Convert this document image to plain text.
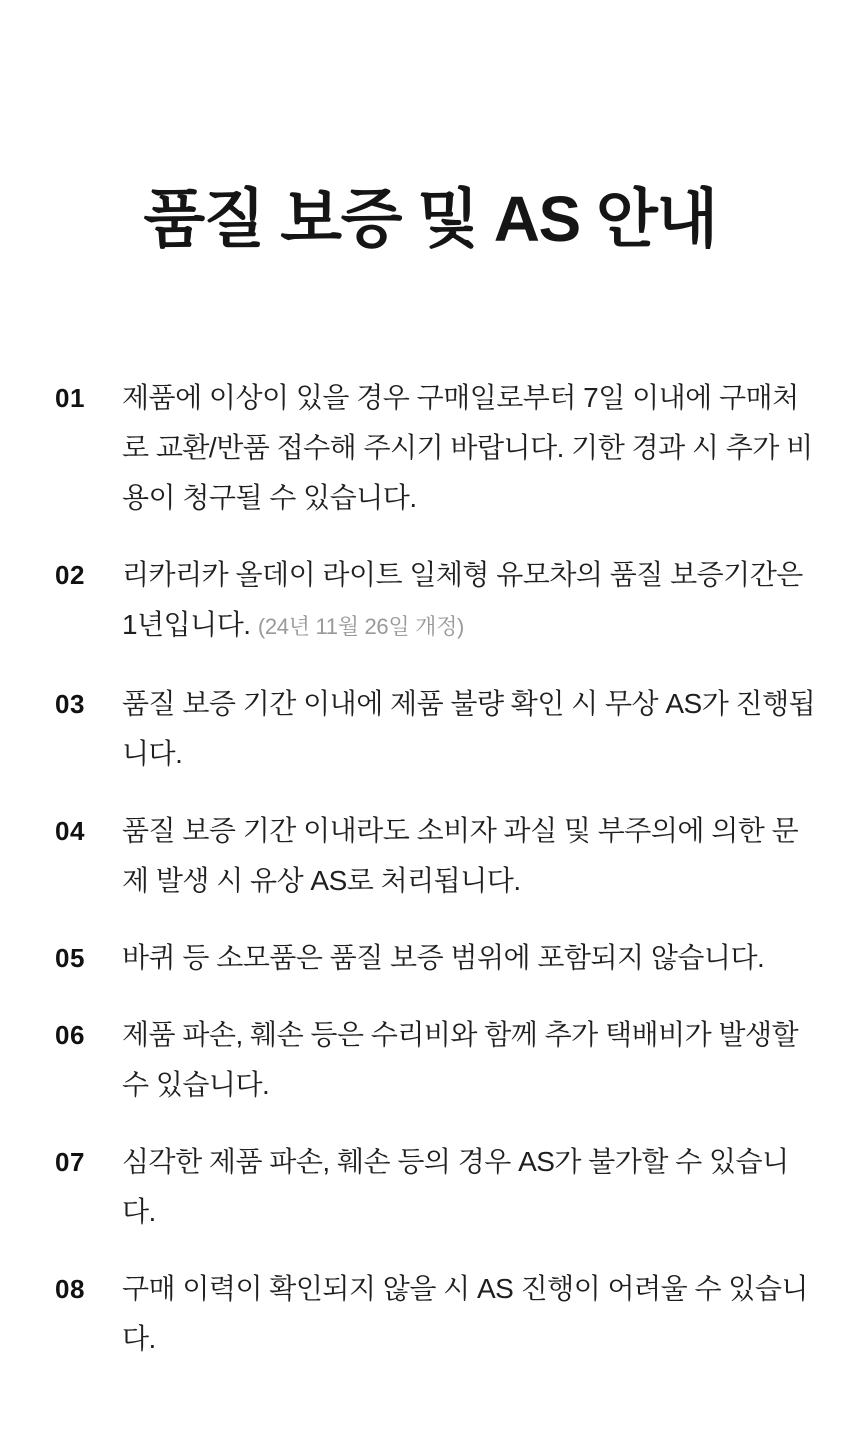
품질 보증 및 AS 안내
01	제품에 이상이 있을 경우 구매일로부터 7일 이내에 구매처로 교환/반품 접수해 주시기 바랍니다. 기한 경과 시 추가 비용이 청구될 수 있습니다.

02	리카리카 올데이 라이트 일체형 유모차의 품질 보증기간은 1년입니다. (24년 11월 26일 개정)

03	품질 보증 기간 이내에 제품 불량 확인 시 무상 AS가 진행됩니다.

04	품질 보증 기간 이내라도 소비자 과실 및 부주의에 의한 문제 발생 시 유상 AS로 처리됩니다.

05	바퀴 등 소모품은 품질 보증 범위에 포함되지 않습니다.

06	제품 파손, 훼손 등은 수리비와 함께 추가 택배비가 발생할 수 있습니다.

07	심각한 제품 파손, 훼손 등의 경우 AS가 불가할 수 있습니다.

08	구매 이력이 확인되지 않을 시 AS 진행이 어려울 수 있습니다.
